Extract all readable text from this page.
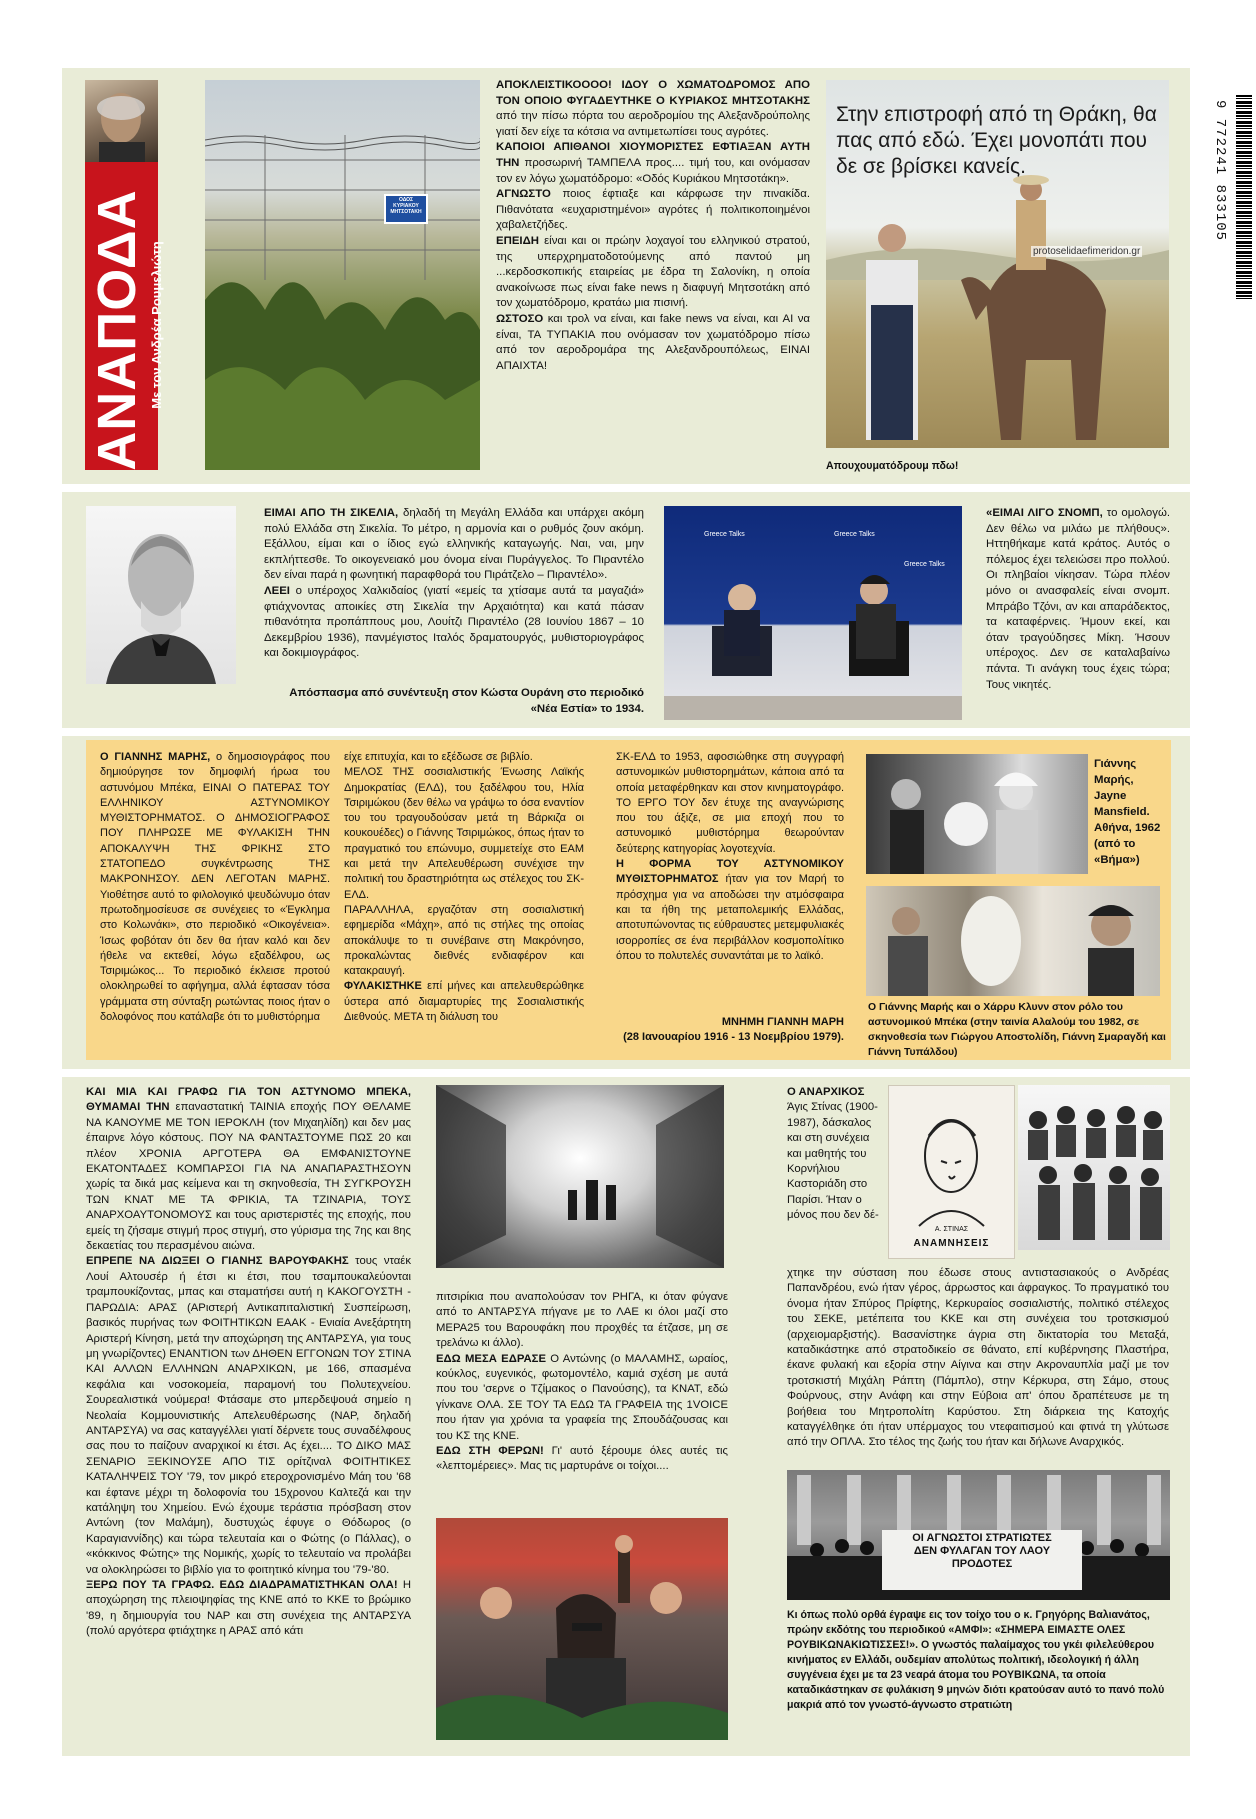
9 772241 833105
ΑΝΑΠΟΔΑ Με τον Ανδρέα Ρουμελιώτη
ΟΔΟΣ ΚΥΡΙΑΚΟΥ ΜΗΤΣΟΤΑΚΗ
ΑΠΟΚΛΕΙΣΤΙΚΟΟΟΟ! ΙΔΟΥ Ο ΧΩΜΑΤΟΔΡΟΜΟΣ ΑΠΟ ΤΟΝ ΟΠΟΙΟ ΦΥΓΑΔΕΥΤΗΚΕ Ο ΚΥΡΙΑΚΟΣ ΜΗΤΣΟΤΑΚΗΣ από την πίσω πόρτα του αεροδρομίου της Αλεξανδρούπολης γιατί δεν είχε τα κότσια να αντιμετωπίσει τους αγρότες.
ΚΑΠΟΙΟΙ ΑΠΙΘΑΝΟΙ ΧΙΟΥΜΟΡΙΣΤΕΣ ΕΦΤΙΑΞΑΝ ΑΥΤΗ ΤΗΝ προσωρινή ΤΑΜΠΕΛΑ προς.... τιμή του, και ονόμασαν τον εν λόγω χωματόδρομο: «Οδός Κυριάκου Μητσοτάκη».
ΑΓΝΩΣΤΟ ποιος έφτιαξε και κάρφωσε την πινακίδα. Πιθανότατα «ευχαριστημένοι» αγρότες ή πολιτικοποιημένοι χαβαλετζήδες.
ΕΠΕΙΔΗ είναι και οι πρώην λοχαγοί του ελληνικού στρατού, της υπερχρηματοδοτούμενης από παντού μη ...κερδοσκοπικής εταιρείας με έδρα τη Σαλονίκη, η οποία ανακοίνωσε πως είναι fake news η διαφυγή Μητσοτάκη από τον χωματόδρομο, κρατάω μια πισινή.
ΩΣΤΟΣΟ και τρολ να είναι, και fake news να είναι, και AI να είναι, ΤΑ ΤΥΠΑΚΙΑ που ονόμασαν τον χωματόδρομο πίσω από τον αεροδρομάρα της Αλεξανδρουπόλεως, ΕΙΝΑΙ ΑΠΑΙΧΤΑ!
Στην επιστροφή από τη Θράκη, θα πας από εδώ. Έχει μονοπάτι που δε σε βρίσκει κανείς.
protoselidaefimeridon.gr
Απουχουματόδρουμ πδω!
ΕΙΜΑΙ ΑΠΟ ΤΗ ΣΙΚΕΛΙΑ, δηλαδή τη Μεγάλη Ελλάδα και υπάρχει ακόμη πολύ Ελλάδα στη Σικελία. Το μέτρο, η αρμονία και ο ρυθμός ζουν ακόμη. Εξάλλου, είμαι και ο ίδιος εγώ ελληνικής καταγωγής. Ναι, ναι, μην εκπλήττεσθε. Το οικογενειακό μου όνομα είναι Πυράγγελος. Το Πιραντέλο δεν είναι παρά η φωνητική παραφθορά του Πιράτζελο – Πιραντέλο».
ΛΕΕΙ ο υπέροχος Χαλκιδαίος (γιατί «εμείς τα χτίσαμε αυτά τα μαγαζιά» φτιάχνοντας αποικίες στη Σικελία την Αρχαιότητα) και κατά πάσαν πιθανότητα προπάππους μου, Λουίτζι Πιραντέλο (28 Ιουνίου 1867 – 10 Δεκεμβρίου 1936), πανμέγιστος Ιταλός δραματουργός, μυθιστοριογράφος και δοκιμιογράφος.
Απόσπασμα από συνέντευξη στον Κώστα Ουράνη στο περιοδικό «Νέα Εστία» το 1934.
Greece Talks	Greece Talks
Greece Talks
«ΕΙΜΑΙ ΛΙΓΟ ΣΝΟΜΠ, το ομολογώ. Δεν θέλω να μιλάω με πλήθους». Ηττηθήκαμε κατά κράτος. Αυτός ο πόλεμος έχει τελειώσει προ πολλού. Οι πληβαίοι νίκησαν. Τώρα πλέον μόνο οι ανασφαλείς είναι σνομπ. Μπράβο Τζόνι, αν και απαράδεκτος, τα καταφέρνεις. Ήμουν εκεί, και όταν τραγούδησες Μίκη. Ήσουν υπέροχος. Δεν σε καταλαβαίνω πάντα. Τι ανάγκη τους έχεις τώρα; Τους νικητές.
Ο ΓΙΑΝΝΗΣ ΜΑΡΗΣ, ο δημοσιογράφος που δημιούργησε τον δημοφιλή ήρωα του αστυνόμου Μπέκα, ΕΙΝΑΙ Ο ΠΑΤΕΡΑΣ ΤΟΥ ΕΛΛΗΝΙΚΟΥ ΑΣΤΥΝΟΜΙΚΟΥ ΜΥΘΙΣΤΟΡΗΜΑΤΟΣ. Ο ΔΗΜΟΣΙΟΓΡΑΦΟΣ ΠΟΥ ΠΛΗΡΩΣΕ ΜΕ ΦΥΛΑΚΙΣΗ ΤΗΝ ΑΠΟΚΑΛΥΨΗ ΤΗΣ ΦΡΙΚΗΣ ΣΤΟ ΣΤΑΤΟΠΕΔΟ συγκέντρωσης ΤΗΣ ΜΑΚΡΟΝΗΣΟΥ. ΔΕΝ ΛΕΓΟΤΑΝ ΜΑΡΗΣ. Υιοθέτησε αυτό το φιλολογικό ψευδώνυμο όταν πρωτοδημοσίευσε σε συνέχειες το «Έγκλημα στο Κολωνάκι», στο περιοδικό «Οικογένεια». Ίσως φοβόταν ότι δεν θα ήταν καλό και δεν ήθελε να εκτεθεί, λόγω εξαδέλφου, ως Τσιριμώκος... Το περιοδικό έκλεισε προτού ολοκληρωθεί το αφήγημα, αλλά έφτασαν τόσα γράμματα στη σύνταξη ρωτώντας ποιος ήταν ο δολοφόνος που κατάλαβε ότι το μυθιστόρημα
είχε επιτυχία, και το εξέδωσε σε βιβλίο.
ΜΕΛΟΣ ΤΗΣ σοσιαλιστικής Ένωσης Λαϊκής Δημοκρατίας (ΕΛΔ), του ξαδέλφου του, Ηλία Τσιριμώκου (δεν θέλω να γράψω το όσα εναντίον του του τραγουδούσαν μετά τη Βάρκιζα οι κουκουέδες) ο Γιάννης Τσιριμώκος, όπως ήταν το πραγματικό του επώνυμο, συμμετείχε στο ΕΑΜ και μετά την Απελευθέρωση συνέχισε την πολιτική του δραστηριότητα ως στέλεχος του ΣΚ-ΕΛΔ.
ΠΑΡΑΛΛΗΛΑ, εργαζόταν στη σοσιαλιστική εφημερίδα «Μάχη», από τις στήλες της οποίας αποκάλυψε το τι συνέβαινε στη Μακρόνησο, προκαλώντας διεθνές ενδιαφέρον και κατακραυγή.
ΦΥΛΑΚΙΣΤΗΚΕ επί μήνες και απελευθερώθηκε ύστερα από διαμαρτυρίες της Σοσιαλιστικής Διεθνούς. ΜΕΤΑ τη διάλυση του
ΣΚ-ΕΛΔ το 1953, αφοσιώθηκε στη συγγραφή αστυνομικών μυθιστορημάτων, κάποια από τα οποία μεταφέρθηκαν και στον κινηματογράφο. ΤΟ ΕΡΓΟ ΤΟΥ δεν έτυχε της αναγνώρισης που του άξιζε, σε μια εποχή που το αστυνομικό μυθιστόρημα θεωρούνταν δεύτερης κατηγορίας λογοτεχνία.
Η ΦΟΡΜΑ ΤΟΥ ΑΣΤΥΝΟΜΙΚΟΥ ΜΥΘΙΣΤΟΡΗΜΑΤΟΣ ήταν για τον Μαρή το πρόσχημα για να αποδώσει την ατμόσφαιρα και τα ήθη της μεταπολεμικής Ελλάδας, αποτυπώνοντας τις εύθραυστες μετεμφυλιακές ισορροπίες σε ένα περιβάλλον κοσμοπολίτικο όπου το πολυτελές συναντάται με το λαϊκό.
ΜΝΗΜΗ ΓΙΑΝΝΗ ΜΑΡΗ
(28 Ιανουαρίου 1916 - 13 Νοεμβρίου 1979).
Γιάννης Μαρής, Jayne Mansfield. Αθήνα, 1962 (από το «Βήμα»)
Ο Γιάννης Μαρής και ο Χάρρυ Κλυνν στον ρόλο του αστυνομικού Μπέκα (στην ταινία Αλαλούμ του 1982, σε σκηνοθεσία των Γιώργου Αποστολίδη, Γιάννη Σμαραγδή και Γιάννη Τυπάλδου)
ΚΑΙ ΜΙΑ ΚΑΙ ΓΡΑΦΩ ΓΙΑ ΤΟΝ ΑΣΤΥΝΟΜΟ ΜΠΕΚΑ, ΘΥΜΑΜΑΙ ΤΗΝ επαναστατική ΤΑΙΝΙΑ εποχής ΠΟΥ ΘΕΛΑΜΕ ΝΑ ΚΑΝΟΥΜΕ ΜΕ ΤΟΝ ΙΕΡΟΚΛΗ (τον Μιχαηλίδη) και δεν μας έπαιρνε λόγο κόστους. ΠΟΥ ΝΑ ΦΑΝΤΑΣΤΟΥΜΕ ΠΩΣ 20 και πλέον ΧΡΟΝΙΑ ΑΡΓΟΤΕΡΑ ΘΑ ΕΜΦΑΝΙΣΤΟΥΝΕ ΕΚΑΤΟΝΤΑΔΕΣ ΚΟΜΠΑΡΣΟΙ ΓΙΑ ΝΑ ΑΝΑΠΑΡΑΣΤΗΣΟΥΝ χωρίς τα δικά μας κείμενα και τη σκηνοθεσία, ΤΗ ΣΥΓΚΡΟΥΣΗ ΤΩΝ ΚΝΑΤ ΜΕ ΤΑ ΦΡΙΚΙΑ, ΤΑ ΤΖΙΝΑΡΙΑ, ΤΟΥΣ ΑΝΑΡΧΟΑΥΤΟΝΟΜΟΥΣ και τους αριστεριστές της εποχής, που εμείς τη ζήσαμε στιγμή προς στιγμή, στο γύρισμα της 7ης και 8ης δεκαετίας του περασμένου αιώνα.
ΕΠΡΕΠΕ ΝΑ ΔΙΩΞΕΙ Ο ΓΙΑΝΗΣ ΒΑΡΟΥΦΑΚΗΣ τους νταέκ Λουί Αλτουσέρ ή έτσι κι έτσι, που τσαμπουκαλεύονται τραμπουκίζοντας, μπας και σταματήσει αυτή η ΚΑΚΟΓΟΥΣΤΗ - ΠΑΡΩΔΙΑ: ΑΡΑΣ (ΑΡιστερή Αντικαπιταλιστική Συσπείρωση, βασικός πυρήνας των ΦΟΙΤΗΤΙΚΩΝ ΕΑΑΚ - Ενιαία Ανεξάρτητη Αριστερή Κίνηση, μετά την αποχώρηση της ΑΝΤΑΡΣΥΑ, για τους μη γνωρίζοντες) ΕΝΑΝΤΙΟΝ των ΔΗΘΕΝ ΕΓΓΟΝΩΝ ΤΟΥ ΣΤΙΝΑ ΚΑΙ ΑΛΛΩΝ ΕΛΛΗΝΩΝ ΑΝΑΡΧΙΚΩΝ, με 166, σπασμένα κεφάλια και νοσοκομεία, παραμονή του Πολυτεχνείου. Σουρεαλιστικά νούμερα! Φτάσαμε στο μπερδεψουά σημείο η Νεολαία Κομμουνιστικής Απελευθέρωσης (ΝΑΡ, δηλαδή ΑΝΤΑΡΣΥΑ) να σας καταγγέλλει γιατί δέρνετε τους συναδέλφους σας που το παίζουν αναρχικοί κι έτσι. Ας έχει.... ΤΟ ΔΙΚΟ ΜΑΣ ΣΕΝΑΡΙΟ ΞΕΚΙΝΟΥΣΕ ΑΠΟ ΤΙΣ ορίτζιναλ ΦΟΙΤΗΤΙΚΕΣ ΚΑΤΑΛΗΨΕΙΣ ΤΟΥ '79, τον μικρό ετεροχρονισμένο Μάη του '68 και έφτανε μέχρι τη δολοφονία του 15χρονου Καλτεζά και την κατάληψη του Χημείου. Ενώ έχουμε τεράστια πρόσβαση στον Αντώνη (τον Μαλάμη), δυστυχώς έφυγε ο Θόδωρος (ο Καραγιαννίδης) και τώρα τελευταία και ο Φώτης (ο Πάλλας), ο «κόκκινος Φώτης» της Νομικής, χωρίς το τελευταίο να προλάβει να ολοκληρώσει το βιβλίο για το φοιτητικό κίνημα του '79-'80.
ΞΕΡΩ ΠΟΥ ΤΑ ΓΡΑΦΩ. ΕΔΩ ΔΙΑΔΡΑΜΑΤΙΣΤΗΚΑΝ ΟΛΑ! Η αποχώρηση της πλειοψηφίας της ΚΝΕ από το ΚΚΕ το βρώμικο '89, η δημιουργία του ΝΑΡ και στη συνέχεια της ΑΝΤΑΡΣΥΑ (πολύ αργότερα φτιάχτηκε η ΑΡΑΣ από κάτι
πιτσιρίκια που αναπολούσαν τον ΡΗΓΑ, κι όταν φύγανε από το ΑΝΤΑΡΣΥΑ πήγανε με το ΛΑΕ κι όλοι μαζί στο ΜΕΡΑ25 του Βαρουφάκη που προχθές τα έτζασε, μη σε τρελάνω κι άλλο).
ΕΔΩ ΜΕΣΑ ΕΔΡΑΣΕ Ο Αντώνης (ο ΜΑΛΑΜΗΣ, ωραίος, κούκλος, ευγενικός, φωτομοντέλο, καμιά σχέση με αυτά που του 'σερνε ο Τζίμακος ο Πανούσης), τα ΚΝΑΤ, εδώ γίνκανε ΟΛΑ. ΣΕ ΤΟΥ ΤΑ ΕΔΩ ΤΑ ΓΡΑΦΕΙΑ της 1VOICE που ήταν για χρόνια τα γραφεία της Σπουδάζουσας και του ΚΣ της ΚΝΕ.
ΕΔΩ ΣΤΗ ΦΕΡΩΝ! Γι' αυτό ξέρουμε όλες αυτές τις «λεπτομέρειες». Μας τις μαρτυράνε οι τοίχοι....
Ο ΑΝΑΡΧΙΚΟΣ
Άγις Στίνας (1900-1987), δάσκαλος και στη συνέχεια και μαθητής του Κορνήλιου Καστοριάδη στο Παρίσι. Ήταν ο μόνος που δεν δέ-
Α. ΣΤΙΝΑΣ
ΑΝΑΜΝΗΣΕΙΣ
χτηκε την σύσταση που έδωσε στους αντιστασιακούς ο Ανδρέας Παπανδρέου, ενώ ήταν γέρος, άρρωστος και άφραγκος. Το πραγματικό του όνομα ήταν Σπύρος Πρίφτης, Κερκυραίος σοσιαλιστής, πολιτικό στέλεχος του ΣΕΚΕ, μετέπειτα του ΚΚΕ και στη συνέχεια του τροτσκισμού (αρχειομαρξιστής). Βασανίστηκε άγρια στη δικτατορία του Μεταξά, καταδικάστηκε από στρατοδικείο σε θάνατο, επί κυβέρνησης Πλαστήρα, έκανε φυλακή και εξορία στην Αίγινα και στην Ακροναυπλία μαζί με τον τροτσκιστή Μιχάλη Ράπτη (Πάμπλο), στην Κέρκυρα, στη Σάμο, στους Φούρνους, στην Ανάφη και στην Εύβοια απ' όπου δραπέτευσε με τη βοήθεια του Μητροπολίτη Καρύστου. Στη διάρκεια της Κατοχής καταγγέλθηκε ότι ήταν υπέρμαχος του ντεφαιτισμού και φτινά τη γλύτωσε από την ΟΠΛΑ. Στο τέλος της ζωής του ήταν και δήλωνε Αναρχικός.
ΟΙ ΑΓΝΩΣΤΟΙ ΣΤΡΑΤΙΩΤΕΣ
ΔΕΝ ΦΥΛΑΓΑΝ ΤΟΥ ΛΑΟΥ
ΠΡΟΔΟΤΕΣ
Κι όπως πολύ ορθά έγραψε εις τον τοίχο του ο κ. Γρηγόρης Βαλιανάτος, πρώην εκδότης του περιοδικού «ΑΜΦΙ»: «ΣΗΜΕΡΑ ΕΙΜΑΣΤΕ ΟΛΕΣ ΡΟΥΒΙΚΩΝΑΚΙΩΤΙΣΣΕΣ!». Ο γνωστός παλαίμαχος του γκέι φιλελεύθερου κινήματος εν Ελλάδι, ουδεμίαν απολύτως πολιτική, ιδεολογική ή άλλη συγγένεια έχει με τα 23 νεαρά άτομα του ΡΟΥΒΙΚΩΝΑ, τα οποία καταδικάστηκαν σε φυλάκιση 9 μηνών διότι κρατούσαν αυτό το πανό πολύ μακριά από τον γνωστό-άγνωστο στρατιώτη
